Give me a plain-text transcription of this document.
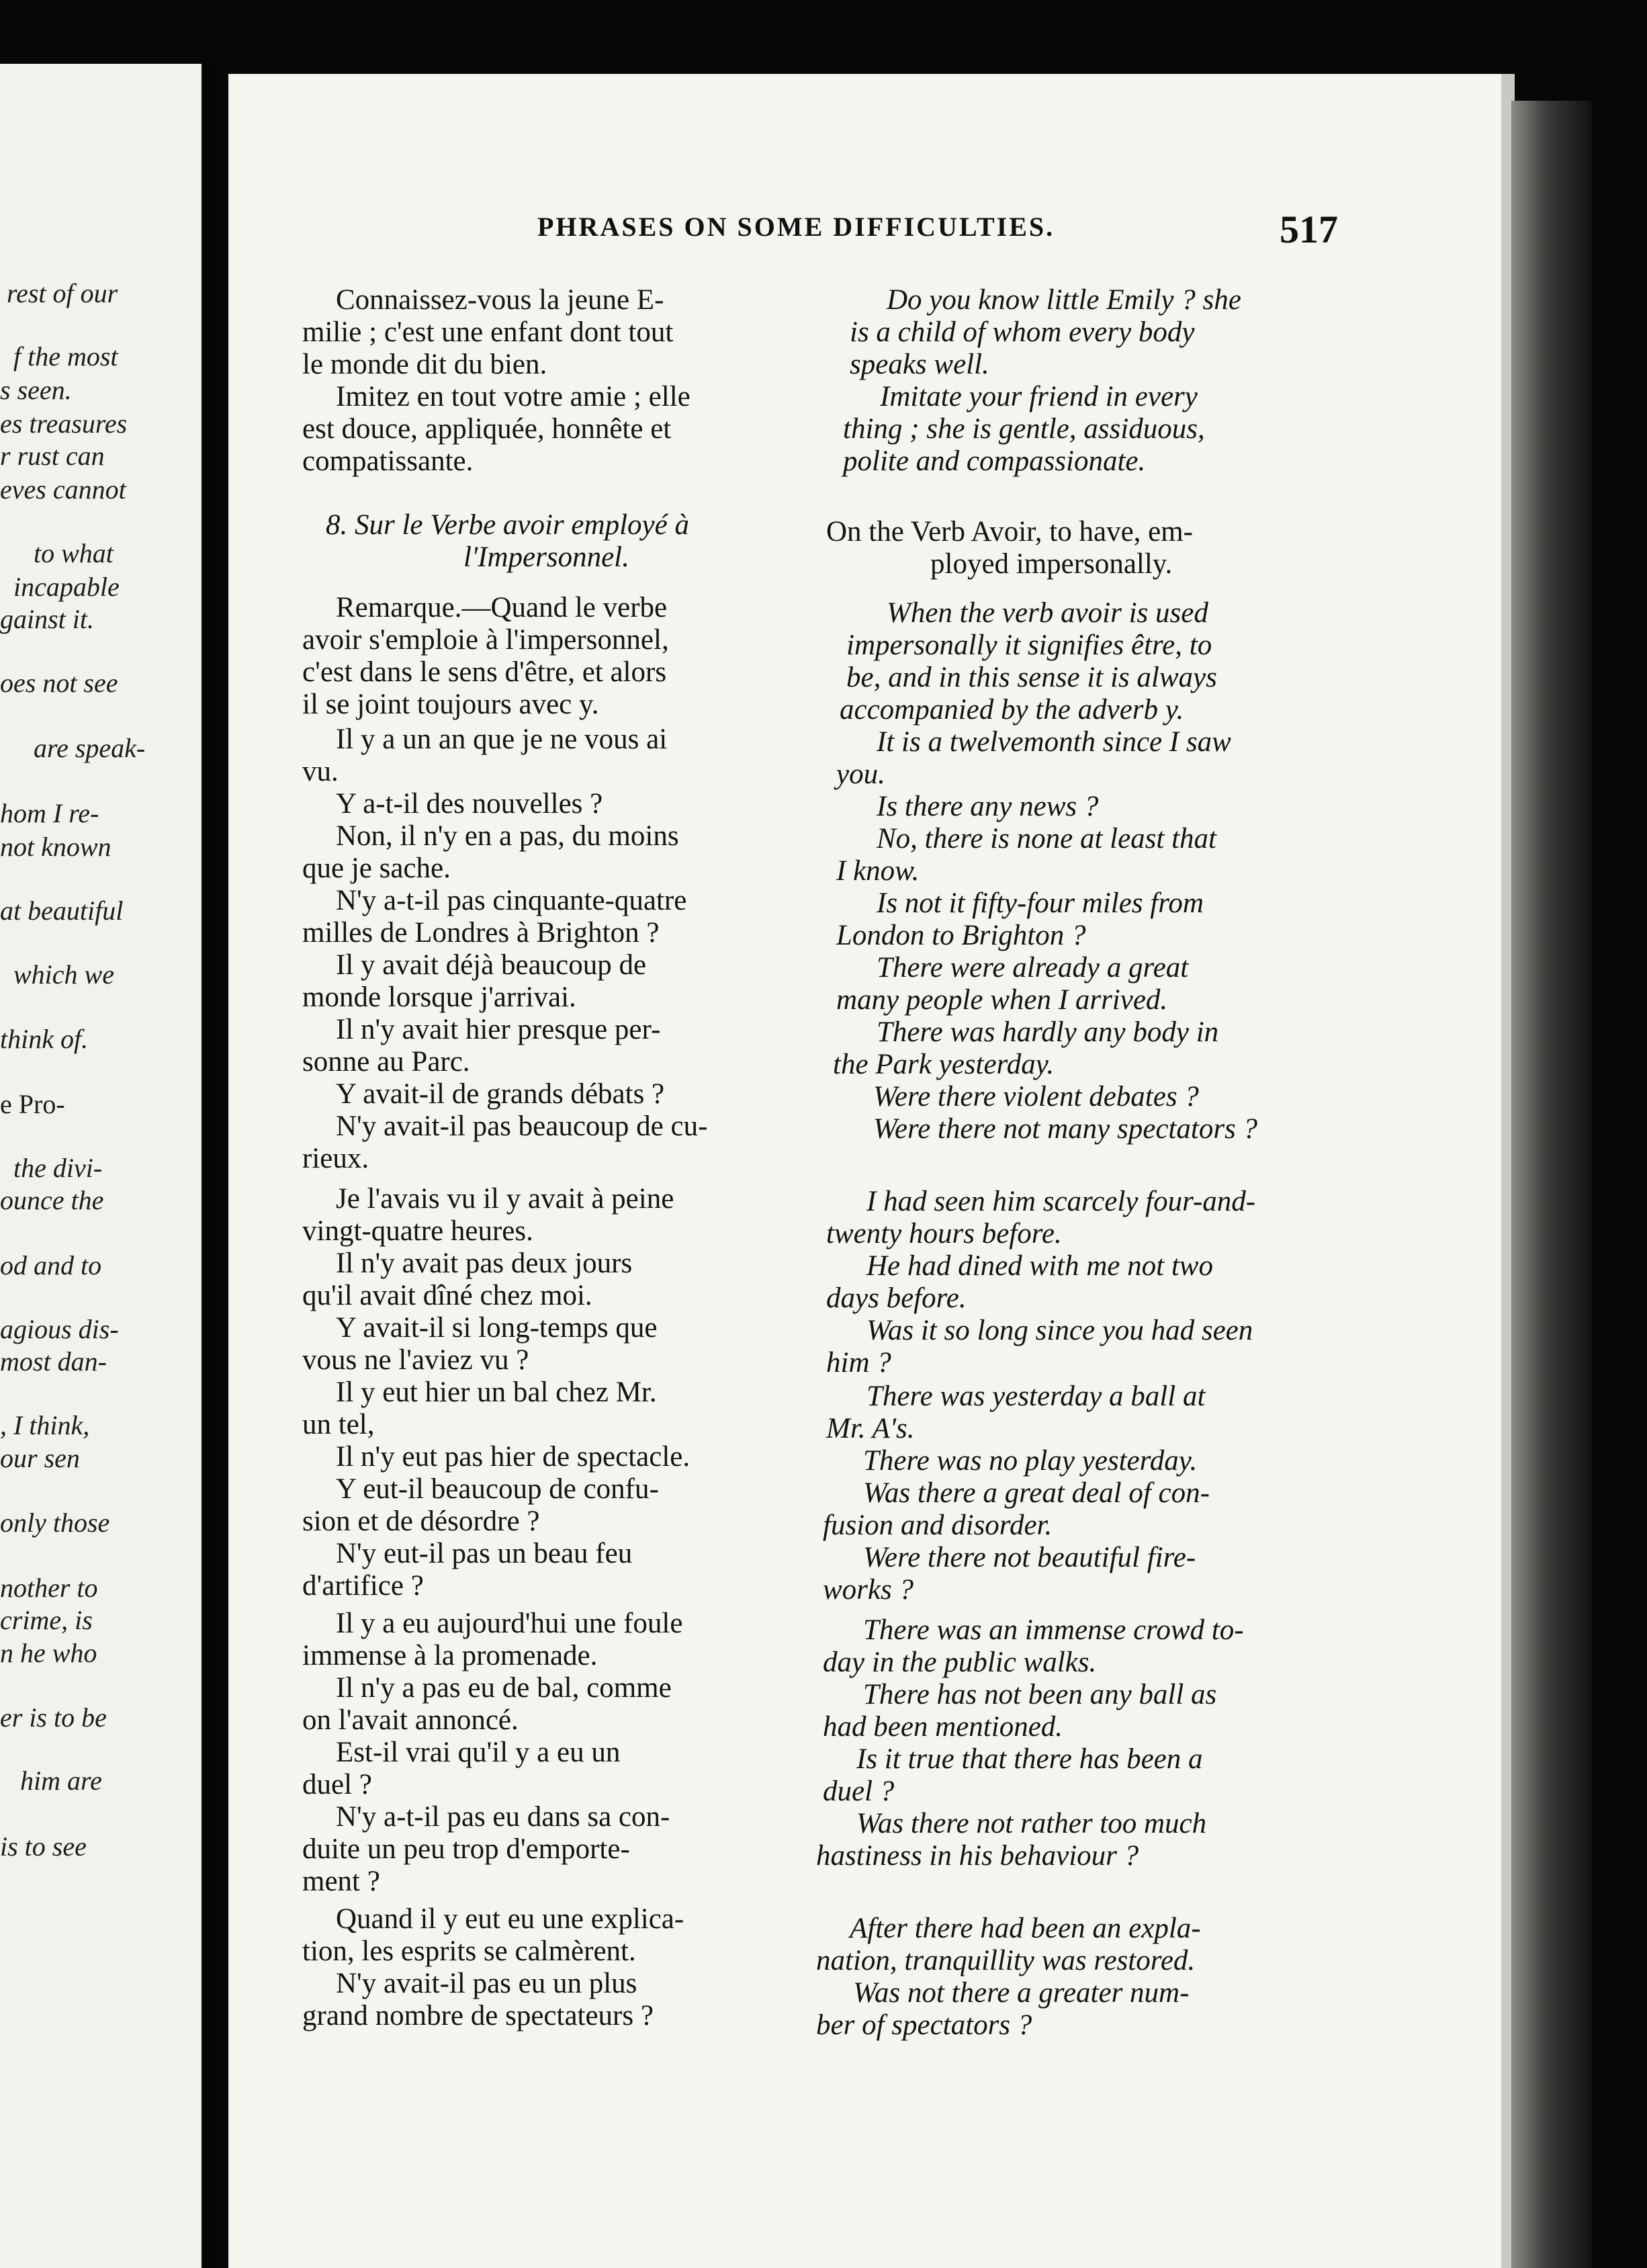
rest of our
f the most
s seen.
es treasures
r rust can
eves cannot
to what
incapable
gainst it.
oes not see
are speak-
hom I re-
not known
at beautiful
which we
think of.
e Pro-
the divi-
ounce the
od and to
agious dis-
most dan-
, I think,
our sen
only those
nother to
crime, is
n he who
er is to be
him are
is to see
PHRASES ON SOME DIFFICULTIES.	517
Connaissez-vous la jeune E-
milie ; c'est une enfant dont tout
le monde dit du bien.
Imitez en tout votre amie ; elle
est douce, appliquée, honnête et
compatissante.
8. Sur le Verbe avoir employé à
l'Impersonnel.
Remarque.—Quand le verbe
avoir s'emploie à l'impersonnel,
c'est dans le sens d'être, et alors
il se joint toujours avec y.
Il y a un an que je ne vous ai
vu.
Y a-t-il des nouvelles ?
Non, il n'y en a pas, du moins
que je sache.
N'y a-t-il pas cinquante-quatre
milles de Londres à Brighton ?
Il y avait déjà beaucoup de
monde lorsque j'arrivai.
Il n'y avait hier presque per-
sonne au Parc.
Y avait-il de grands débats ?
N'y avait-il pas beaucoup de cu-
rieux.
Je l'avais vu il y avait à peine
vingt-quatre heures.
Il n'y avait pas deux jours
qu'il avait dîné chez moi.
Y avait-il si long-temps que
vous ne l'aviez vu ?
Il y eut hier un bal chez Mr.
un tel,
Il n'y eut pas hier de spectacle.
Y eut-il beaucoup de confu-
sion et de désordre ?
N'y eut-il pas un beau feu
d'artifice ?
Il y a eu aujourd'hui une foule
immense à la promenade.
Il n'y a pas eu de bal, comme
on l'avait annoncé.
Est-il vrai qu'il y a eu un
duel ?
N'y a-t-il pas eu dans sa con-
duite un peu trop d'emporte-
ment ?
Quand il y eut eu une explica-
tion, les esprits se calmèrent.
N'y avait-il pas eu un plus
grand nombre de spectateurs ?
Do you know little Emily ? she
is a child of whom every body
speaks well.
Imitate your friend in every
thing ; she is gentle, assiduous,
polite and compassionate.
On the Verb Avoir, to have, em-
ployed impersonally.
When the verb avoir is used
impersonally it signifies être, to
be, and in this sense it is always
accompanied by the adverb y.
It is a twelvemonth since I saw
you.
Is there any news ?
No, there is none at least that
I know.
Is not it fifty-four miles from
London to Brighton ?
There were already a great
many people when I arrived.
There was hardly any body in
the Park yesterday.
Were there violent debates ?
Were there not many spectators ?
I had seen him scarcely four-and-
twenty hours before.
He had dined with me not two
days before.
Was it so long since you had seen
him ?
There was yesterday a ball at
Mr. A's.
There was no play yesterday.
Was there a great deal of con-
fusion and disorder.
Were there not beautiful fire-
works ?
There was an immense crowd to-
day in the public walks.
There has not been any ball as
had been mentioned.
Is it true that there has been a
duel ?
Was there not rather too much
hastiness in his behaviour ?
After there had been an expla-
nation, tranquillity was restored.
Was not there a greater num-
ber of spectators ?
